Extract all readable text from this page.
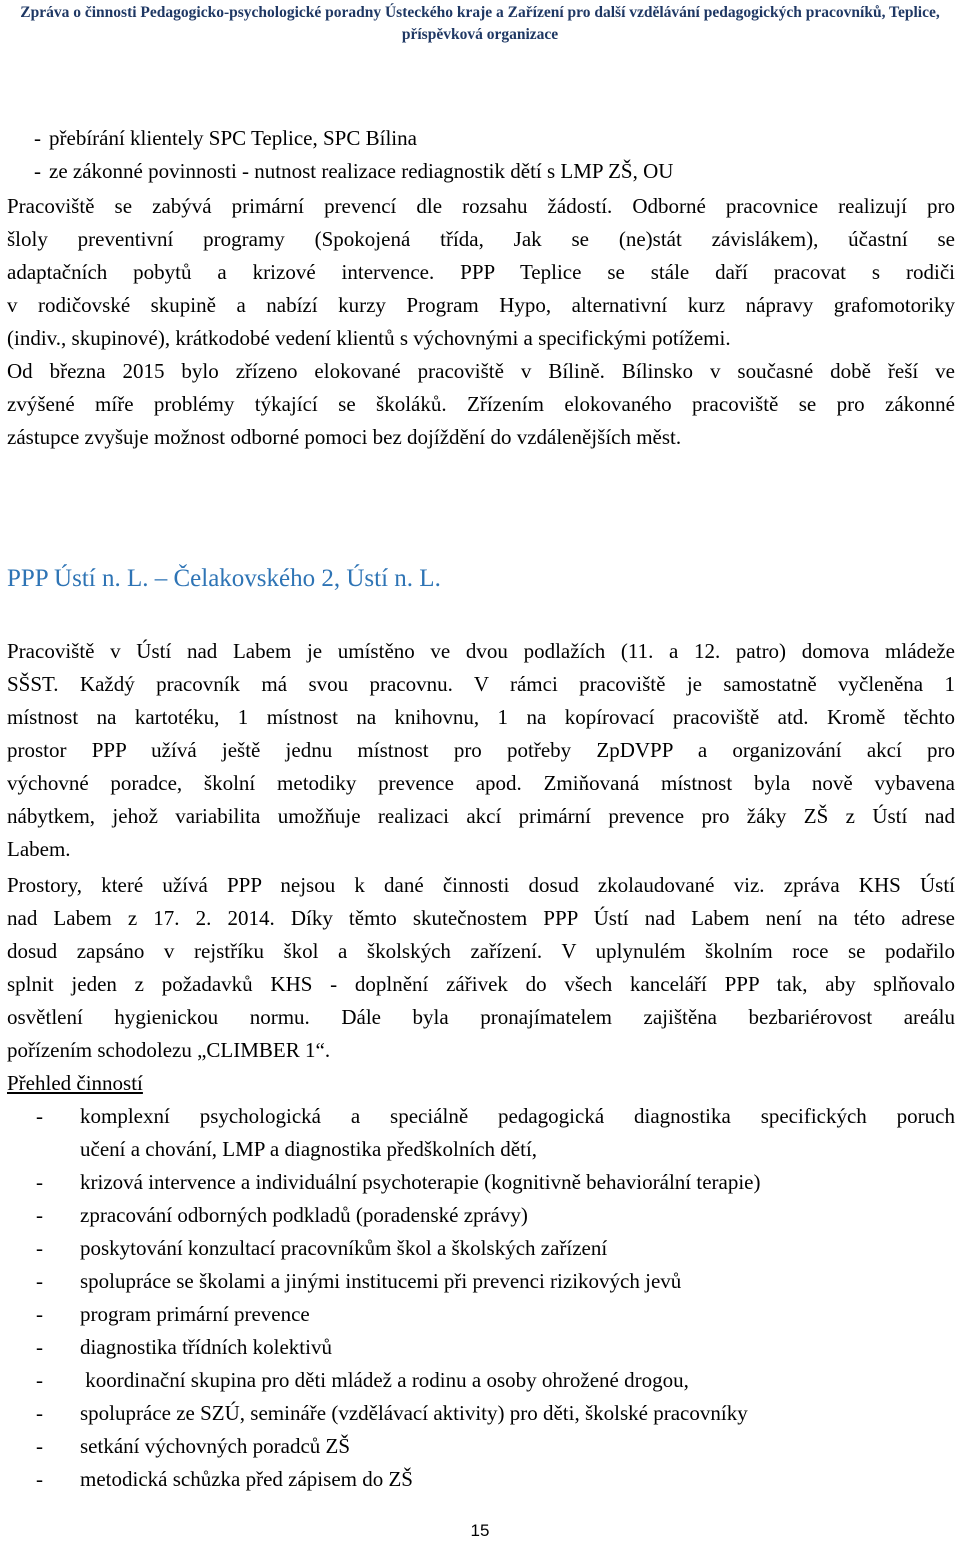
Zpráva o činnosti Pedagogicko-psychologické poradny Ústeckého kraje a Zařízení pro další vzdělávání pedagogických pracovníků, Teplice,
příspěvková organizace
- přebírání klientely SPC Teplice, SPC Bílina
- ze zákonné povinnosti - nutnost realizace rediagnostik dětí s LMP ZŠ, OU
Pracoviště se zabývá primární prevencí dle rozsahu žádostí. Odborné pracovnice realizují pro
šloly preventivní programy (Spokojená třída, Jak se (ne)stát závislákem), účastní se
adaptačních pobytů a krizové intervence. PPP Teplice se stále daří pracovat s rodiči
v rodičovské skupině a nabízí kurzy Program Hypo, alternativní kurz nápravy grafomotoriky
(indiv., skupinové), krátkodobé vedení klientů s výchovnými a specifickými potížemi.
Od března 2015 bylo zřízeno elokované pracoviště v Bílině. Bílinsko v současné době řeší ve
zvýšené míře problémy týkající se školáků. Zřízením elokovaného pracoviště se pro zákonné
zástupce zvyšuje možnost odborné pomoci bez dojíždění do vzdálenějších měst.
PPP Ústí n. L. – Čelakovského 2, Ústí n. L.
Pracoviště v Ústí nad Labem je umístěno ve dvou podlažích (11. a 12. patro) domova mládeže
SŠST. Každý pracovník má svou pracovnu. V rámci pracoviště je samostatně vyčleněna 1
místnost na kartotéku, 1 místnost na knihovnu, 1 na kopírovací pracoviště atd. Kromě těchto
prostor PPP užívá ještě jednu místnost pro potřeby ZpDVPP a organizování akcí pro
výchovné poradce, školní metodiky prevence apod. Zmiňovaná místnost byla nově vybavena
nábytkem, jehož variabilita umožňuje realizaci akcí primární prevence pro žáky ZŠ z Ústí nad
Labem.
Prostory, které užívá PPP nejsou k dané činnosti dosud zkolaudované viz. zpráva KHS Ústí
nad Labem z 17. 2. 2014. Díky těmto skutečnostem PPP Ústí nad Labem není na této adrese
dosud zapsáno v rejstříku škol a školských zařízení. V uplynulém školním roce se podařilo
splnit jeden z požadavků KHS - doplnění zářivek do všech kanceláří PPP tak, aby splňovalo
osvětlení hygienickou normu. Dále byla pronajímatelem zajištěna bezbariérovost areálu
pořízením schodolezu „CLIMBER 1“.
Přehled činností
- komplexní psychologická a speciálně pedagogická diagnostika specifických poruch
učení a chování, LMP a diagnostika předškolních dětí,
- krizová intervence a individuální psychoterapie (kognitivně behaviorální terapie)
- zpracování odborných podkladů (poradenské zprávy)
- poskytování konzultací pracovníkům škol a školských zařízení
- spolupráce se školami a jinými institucemi při prevenci rizikových jevů
- program primární prevence
- diagnostika třídních kolektivů
- koordinační skupina pro děti mládež a rodinu a osoby ohrožené drogou,
- spolupráce ze SZÚ, semináře (vzdělávací aktivity) pro děti, školské pracovníky
- setkání výchovných poradců ZŠ
- metodická schůzka před zápisem do ZŠ
15
